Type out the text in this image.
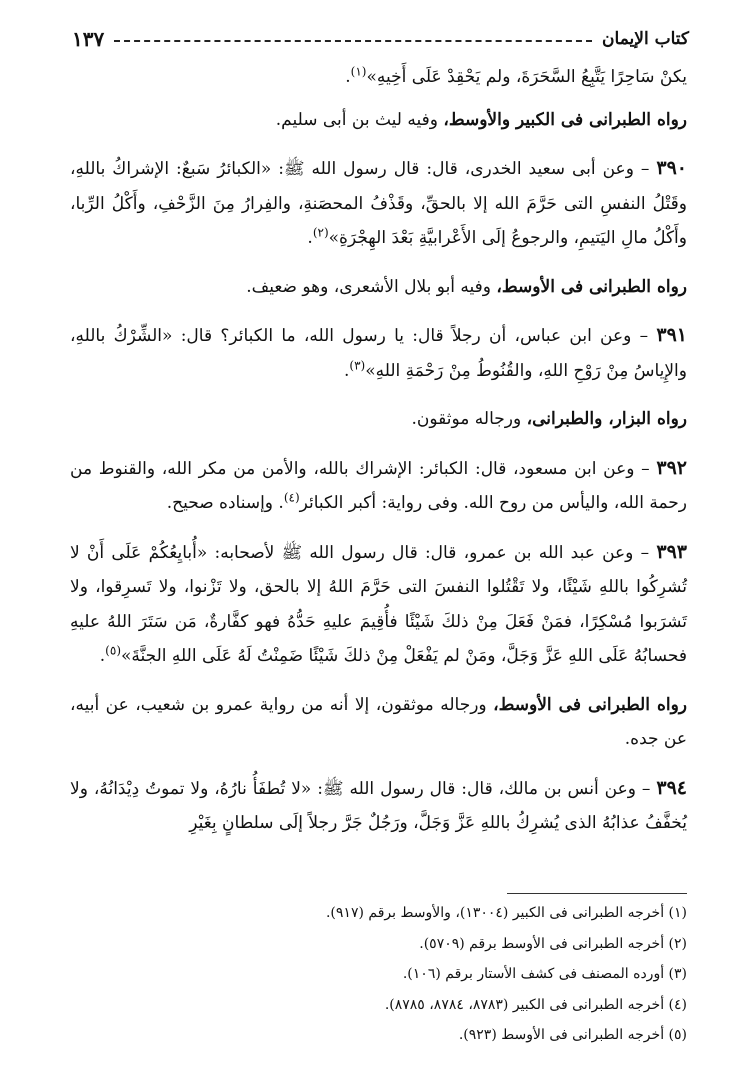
كتاب الإيمان
١٣٧

يكنْ سَاحِرًا يَتَّبِعُ السَّحَرَةَ، ولم يَحْقِدْ عَلَى أَخِيهِ»$^{(١)}$.

رواه الطبرانى فى الكبير والأوسط، وفيه ليث بن أبى سليم.

٣٩٠ – وعن أبى سعيد الخدرى، قال: قال رسول الله ﷺ: «الكبائرُ سَبعٌ: الإشراكُ باللهِ، وقَتْلُ النفسِ التى حَرَّمَ الله إلا بالحقِّ، وقَذْفُ المحصَنةِ، والفِرارُ مِنَ الزَّحْفِ، وأَكْلُ الرِّبا، وأَكْلُ مالِ اليَتيمِ، والرجوعُ إلَى الأَعْرابيَّةِ بَعْدَ الهِجْرَةِ»$^{(٢)}$.

رواه الطبرانى فى الأوسط، وفيه أبو بلال الأشعرى، وهو ضعيف.

٣٩١ – وعن ابن عباس، أن رجلاً قال: يا رسول الله، ما الكبائر؟ قال: «الشِّرْكُ باللهِ، والإِياسُ مِنْ رَوْحِ اللهِ، والقُنُوطُ مِنْ رَحْمَةِ اللهِ»$^{(٣)}$.

رواه البزار، والطبرانى، ورجاله موثقون.

٣٩٢ – وعن ابن مسعود، قال: الكبائر: الإشراك بالله، والأمن من مكر الله، والقنوط من رحمة الله، واليأس من روح الله. وفى رواية: أكبر الكبائر$^{(٤)}$. وإسناده صحيح.

٣٩٣ – وعن عبد الله بن عمرو، قال: قال رسول الله ﷺ لأصحابه: «أُبايِعُكُمْ عَلَى أَنْ لا تُشرِكُوا باللهِ شَيْئًا، ولا تَقْتُلوا النفسَ التى حَرَّمَ اللهُ إلا بالحق، ولا تَزْنوا، ولا تَسرِقوا، ولا تَشرَبوا مُسْكِرًا، فمَنْ فَعَلَ مِنْ ذلكَ شَيْئًا فأُقِيمَ عليهِ حَدُّهُ فهو كفَّارةٌ، مَن سَتَرَ اللهُ عليهِ فحسابُهُ عَلَى اللهِ عَزَّ وَجَلَّ، ومَنْ لم يَفْعَلْ مِنْ ذلكَ شَيْئًا ضَمِنْتُ لَهُ عَلَى اللهِ الجنَّةَ»$^{(٥)}$.

رواه الطبرانى فى الأوسط، ورجاله موثقون، إلا أنه من رواية عمرو بن شعيب، عن أبيه، عن جده.

٣٩٤ – وعن أنس بن مالك، قال: قال رسول الله ﷺ: «لا تُطفَأُ نارُهُ، ولا تموتُ دِيْدَانُهُ، ولا يُخفَّفُ عذابُهُ الذى يُشرِكُ باللهِ عَزَّ وَجَلَّ، ورَجُلٌ جَرَّ رجلاً إلَى سلطانٍ بِغَيْرِ

(١) أخرجه الطبرانى فى الكبير (١٣٠٠٤)، والأوسط برقم (٩١٧).
(٢) أخرجه الطبرانى فى الأوسط برقم (٥٧٠٩).
(٣) أورده المصنف فى كشف الأستار برقم (١٠٦).
(٤) أخرجه الطبرانى فى الكبير (٨٧٨٣، ٨٧٨٤، ٨٧٨٥).
(٥) أخرجه الطبرانى فى الأوسط (٩٢٣).
